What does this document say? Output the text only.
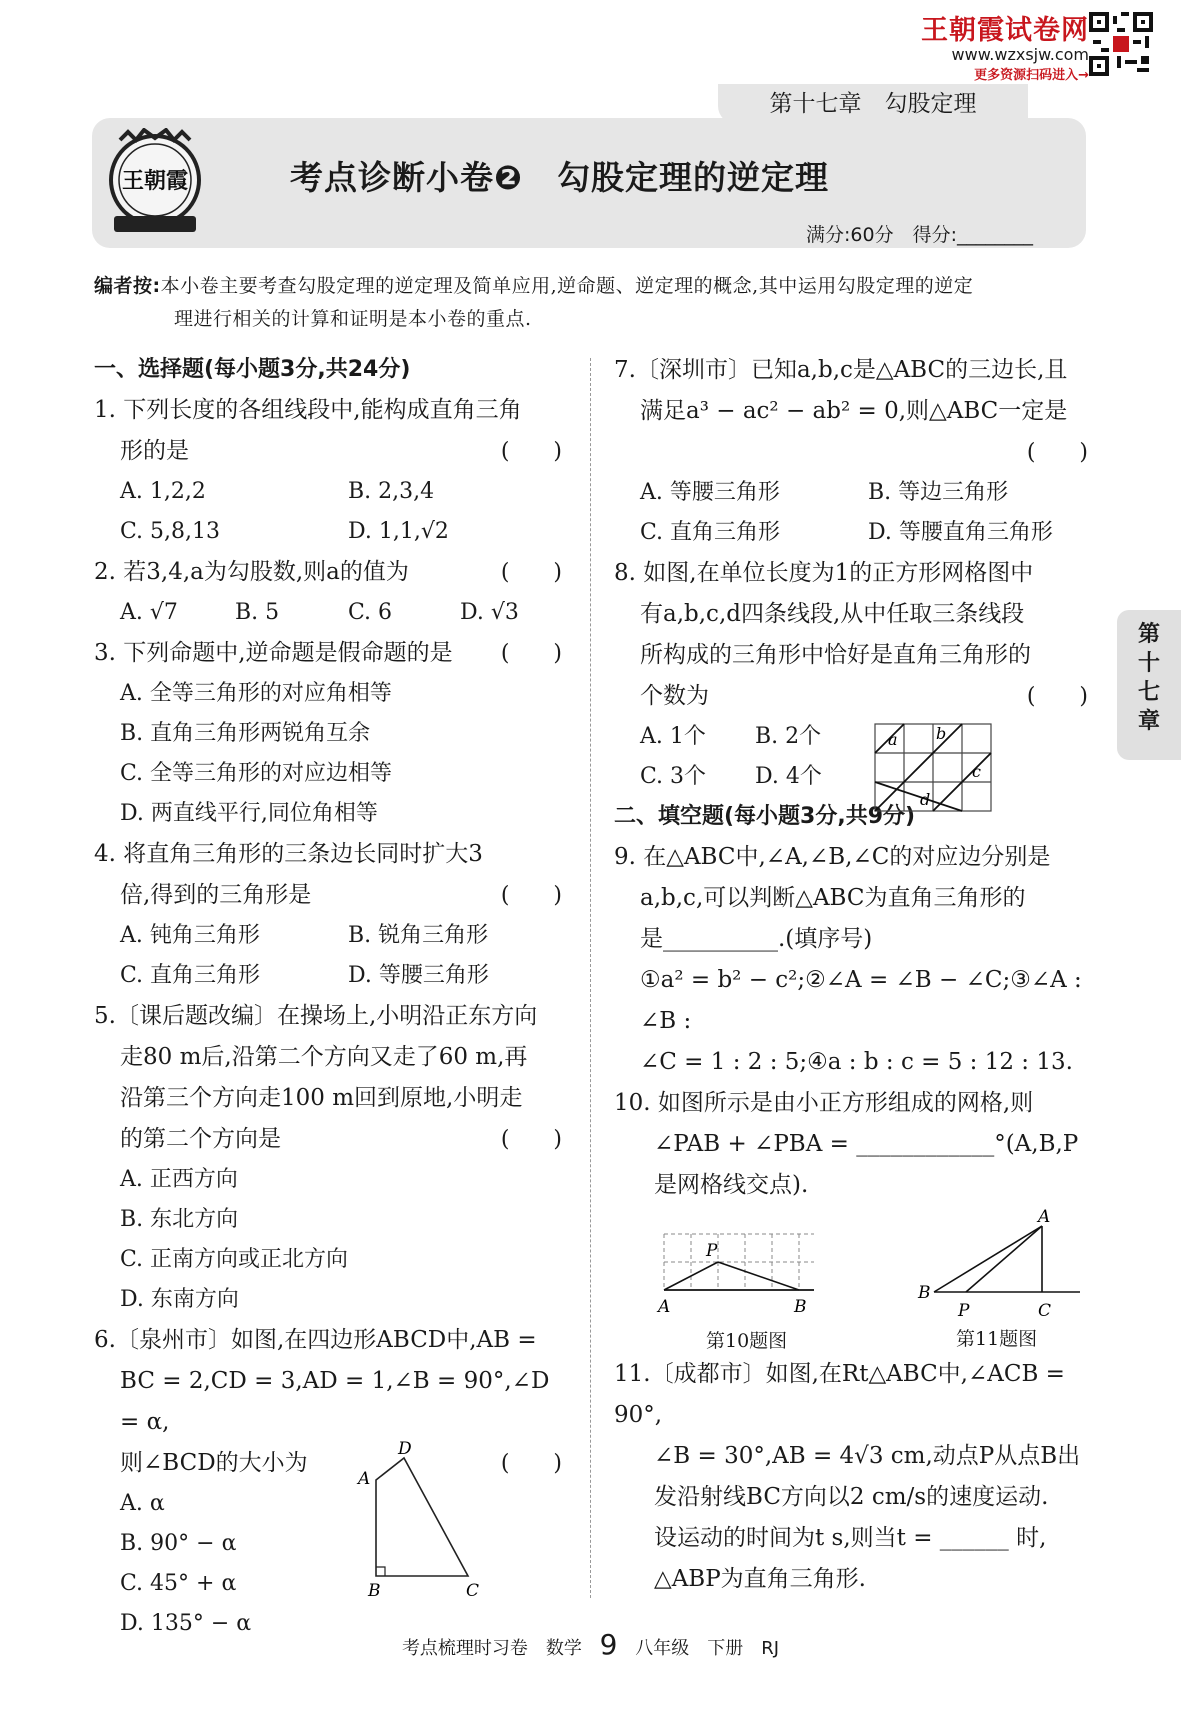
王朝霞试卷网
www.wzxsjw.com
更多资源扫码进入→
第十七章　勾股定理
王朝霞	考点诊断小卷❷　勾股定理的逆定理
满分:60分　得分:________
第
十
七
章
编者按:本小卷主要考查勾股定理的逆定理及简单应用,逆命题、逆定理的概念,其中运用勾股定理的逆定
理进行相关的计算和证明是本小卷的重点.
一、选择题(每小题3分,共24分)
1. 下列长度的各组线段中,能构成直角三角
形的是	(　　)
A. 1,2,2	B. 2,3,4
C. 5,8,13	D. 1,1,√2
2. 若3,4,a为勾股数,则a的值为	(　　)
A. √7	B. 5	C. 6	D. √3
3. 下列命题中,逆命题是假命题的是 (　　)
A. 全等三角形的对应角相等
B. 直角三角形两锐角互余
C. 全等三角形的对应边相等
D. 两直线平行,同位角相等
4. 将直角三角形的三条边长同时扩大3
倍,得到的三角形是	(　　)
A. 钝角三角形	B. 锐角三角形
C. 直角三角形	D. 等腰三角形
5.〔课后题改编〕在操场上,小明沿正东方向
走80 m后,沿第二个方向又走了60 m,再
沿第三个方向走100 m回到原地,小明走
的第二个方向是	(　　)
A. 正西方向
B. 东北方向
C. 正南方向或正北方向
D. 东南方向
6.〔泉州市〕如图,在四边形ABCD中,AB =
BC = 2,CD = 3,AD = 1,∠B = 90°,∠D = α,
则∠BCD的大小为	(　　)
A. α
B. 90° − α
C. 45° + α
D. 135° − α
D
A
B	C
7.〔深圳市〕已知a,b,c是△ABC的三边长,且
满足a³ − ac² − ab² = 0,则△ABC一定是
(　　)
A. 等腰三角形	B. 等边三角形
C. 直角三角形	D. 等腰直角三角形
8. 如图,在单位长度为1的正方形网格图中
有a,b,c,d四条线段,从中任取三条线段
所构成的三角形中恰好是直角三角形的
个数为	(　　)
A. 1个	B. 2个
C. 3个	D. 4个
a b
c
d
二、填空题(每小题3分,共9分)
9. 在△ABC中,∠A,∠B,∠C的对应边分别是
a,b,c,可以判断△ABC为直角三角形的
是__________.(填序号)
①a² = b² − c²;②∠A = ∠B − ∠C;③∠A : ∠B :
∠C = 1 : 2 : 5;④a : b : c = 5 : 12 : 13.
10. 如图所示是由小正方形组成的网格,则
∠PAB + ∠PBA = ____________°(A,B,P
是网格线交点).
P
A	B
第10题图
A
B
P	C
第11题图
11.〔成都市〕如图,在Rt△ABC中,∠ACB = 90°,
∠B = 30°,AB = 4√3 cm,动点P从点B出
发沿射线BC方向以2 cm/s的速度运动.
设运动的时间为t s,则当t = ______ 时,
△ABP为直角三角形.
考点梳理时习卷　数学 9 八年级　下册　RJ
